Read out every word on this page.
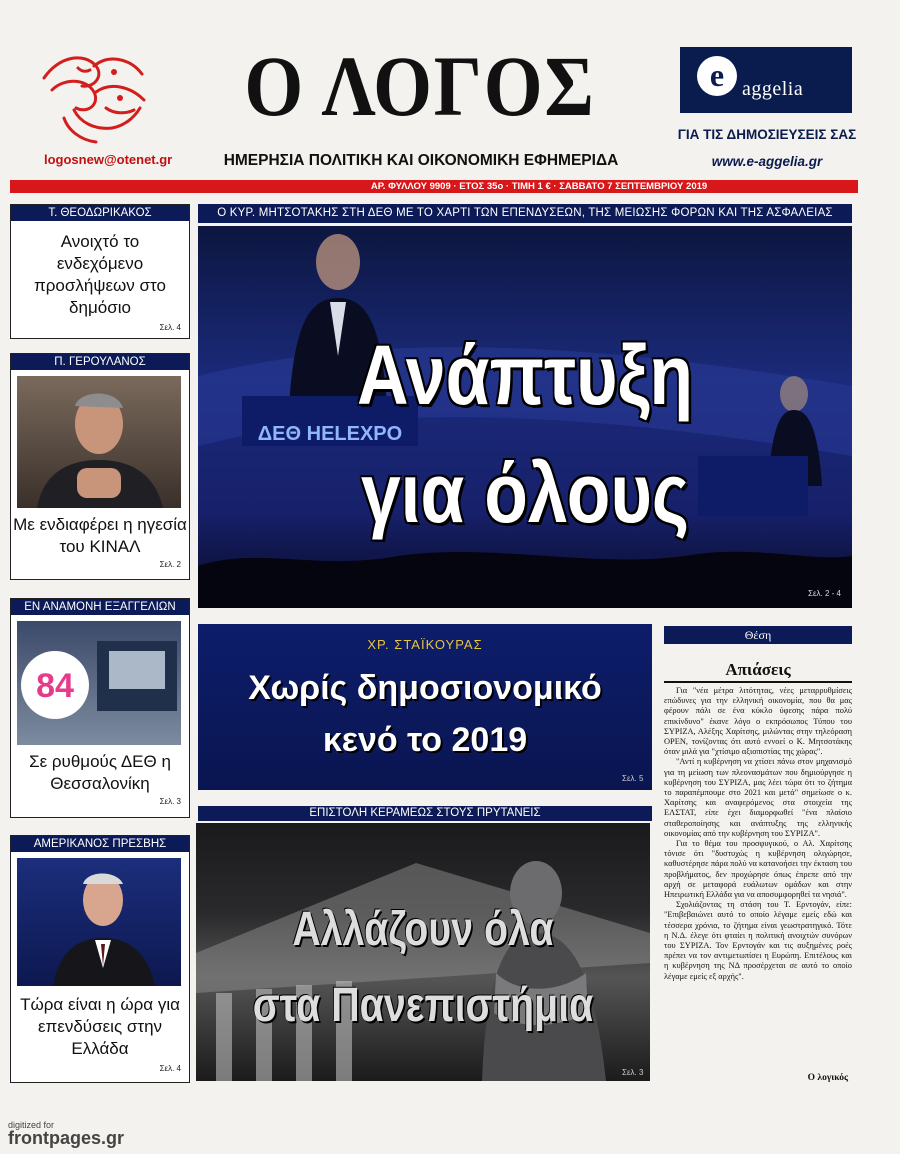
logosnew@otenet.gr
Ο ΛΟΓΟΣ
ΗΜΕΡΗΣΙΑ ΠΟΛΙΤΙΚΗ ΚΑΙ ΟΙΚΟΝΟΜΙΚΗ ΕΦΗΜΕΡΙΔΑ
e aggelia
ΓΙΑ ΤΙΣ ΔΗΜΟΣΙΕΥΣΕΙΣ ΣΑΣ
www.e-aggelia.gr
ΑΡ. ΦΥΛΛΟΥ 9909 · ΕΤΟΣ 35ο · ΤΙΜΗ 1 € · ΣΑΒΒΑΤΟ 7 ΣΕΠΤΕΜΒΡΙΟΥ 2019
Τ. ΘΕΟΔΩΡΙΚΑΚΟΣ
Ανοιχτό το ενδεχόμενο προσλήψεων στο δημόσιο
Σελ. 4
Π. ΓΕΡΟΥΛΑΝΟΣ
Με ενδιαφέρει η ηγεσία του ΚΙΝΑΛ
Σελ. 2
ΕΝ ΑΝΑΜΟΝΗ ΕΞΑΓΓΕΛΙΩΝ
84
Σε ρυθμούς ΔΕΘ η Θεσσαλονίκη
Σελ. 3
ΑΜΕΡΙΚΑΝΟΣ ΠΡΕΣΒΗΣ
Τώρα είναι η ώρα για επενδύσεις στην Ελλάδα
Σελ. 4
Ο ΚΥΡ. ΜΗΤΣΟΤΑΚΗΣ ΣΤΗ ΔΕΘ ΜΕ ΤΟ ΧΑΡΤΙ ΤΩΝ ΕΠΕΝΔΥΣΕΩΝ, ΤΗΣ ΜΕΙΩΣΗΣ ΦΟΡΩΝ ΚΑΙ ΤΗΣ ΑΣΦΑΛΕΙΑΣ
ΔΕΘ HELEXPO
Ανάπτυξη
για όλους
Σελ. 2 - 4
ΧΡ. ΣΤΑΪΚΟΥΡΑΣ
Χωρίς δημοσιονομικό
κενό το 2019
Σελ. 5
ΕΠΙΣΤΟΛΗ ΚΕΡΑΜΕΩΣ ΣΤΟΥΣ ΠΡΥΤΑΝΕΙΣ
Αλλάζουν όλα
στα Πανεπιστήμια
Σελ. 3
Θέση
Απιάσεις

Για "νέα μέτρα λιτότητας, νέες μεταρρυθμίσεις επώδυνες για την ελληνική οικονομία, που θα μας φέρουν πάλι σε ένα κύκλο ύφεσης πάρα πολύ επικίνδυνο" έκανε λόγο ο εκπρόσωπος Τύπου του ΣΥΡΙΖΑ, Αλέξης Χαρίτσης, μιλώντας στην τηλεόραση OPEN, τονίζοντας ότι αυτό εννοεί ο Κ. Μητσοτάκης όταν μιλά για "χτίσιμο αξιοπιστίας της χώρας".

"Αντί η κυβέρνηση να χτίσει πάνω στον μηχανισμό για τη μείωση των πλεονασμάτων που δημιούργησε η κυβέρνηση του ΣΥΡΙΖΑ, μας λέει τώρα ότι το ζήτημα το παραπέμπουμε στο 2021 και μετά" σημείωσε ο κ. Χαρίτσης και αναφερόμενος στα στοιχεία της ΕΛΣΤΑΤ, είπε έχει διαμορφωθεί "ένα πλαίσιο σταθεροποίησης και ανάπτυξης της ελληνικής οικονομίας από την κυβέρνηση του ΣΥΡΙΖΑ".

Για το θέμα του προσφυγικού, ο Αλ. Χαρίτσης τόνισε ότι "δυστυχώς η κυβέρνηση ολιγώρησε, καθυστέρησε πάρα πολύ να κατανοήσει την έκταση του προβλήματος, δεν προχώρησε όπως έπρεπε από την αρχή σε μεταφορά ευάλωτων ομάδων και στην Ηπειρωτική Ελλάδα για να αποσυμφορηθεί τα νησιά".

Σχολιάζοντας τη στάση του Τ. Ερντογάν, είπε: "Επιβεβαιώνει αυτό το οποίο λέγαμε εμείς εδώ και τέσσερα χρόνια, το ζήτημα είναι γεωστρατηγικό. Τότε η Ν.Δ. έλεγε ότι φταίει η πολιτική ανοιχτών συνόρων του ΣΥΡΙΖΑ. Τον Ερντογάν και τις αυξημένες ροές πρέπει να τον αντιμετωπίσει η Ευρώπη. Επιτέλους και η κυβέρνηση της ΝΔ προσέρχεται σε αυτό το οποίο λέγαμε εμείς εξ αρχής".

Ο λογικός
digitized for
frontpages.gr
